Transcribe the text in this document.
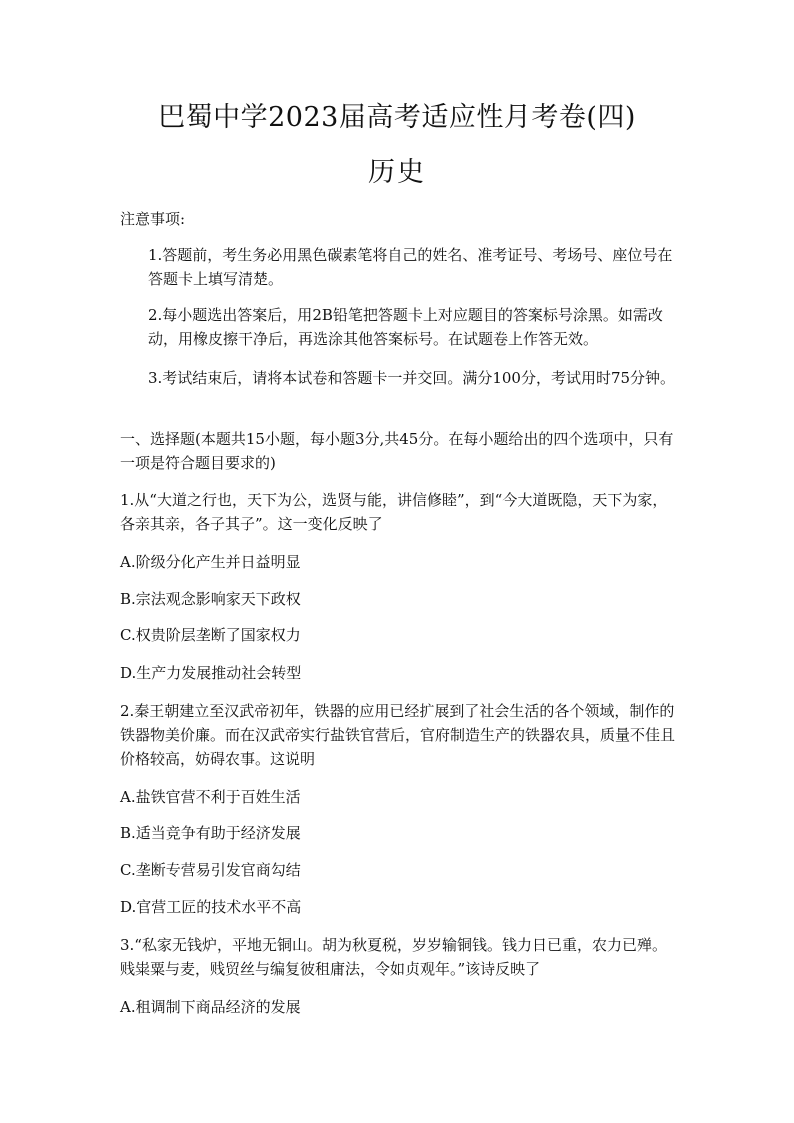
巴蜀中学2023届高考适应性月考卷(四)
历史

注意事项:

1.答题前，考生务必用黑色碳素笔将自己的姓名、准考证号、考场号、座位号在答题卡上填写清楚。

2.每小题选出答案后，用2B铅笔把答题卡上对应题目的答案标号涂黑。如需改动，用橡皮擦干净后，再选涂其他答案标号。在试题卷上作答无效。

3.考试结束后，请将本试卷和答题卡一并交回。满分100分，考试用时75分钟。

一、选择题(本题共15小题，每小题3分,共45分。在每小题给出的四个选项中，只有一项是符合题目要求的)

1.从“大道之行也，天下为公，选贤与能，讲信修睦”，到“今大道既隐，天下为家，各亲其亲，各子其子”。这一变化反映了

A.阶级分化产生并日益明显

B.宗法观念影响家天下政权

C.权贵阶层垄断了国家权力

D.生产力发展推动社会转型

2.秦王朝建立至汉武帝初年，铁器的应用已经扩展到了社会生活的各个领域，制作的铁器物美价廉。而在汉武帝实行盐铁官营后，官府制造生产的铁器农具，质量不佳且价格较高，妨碍农事。这说明

A.盐铁官营不利于百姓生活

B.适当竞争有助于经济发展

C.垄断专营易引发官商勾结

D.官营工匠的技术水平不高

3.“私家无钱炉，平地无铜山。胡为秋夏税，岁岁输铜钱。钱力日已重，农力已殚。贱粜粟与麦，贱贸丝与编复彼租庸法，令如贞观年。”该诗反映了

A.租调制下商品经济的发展
